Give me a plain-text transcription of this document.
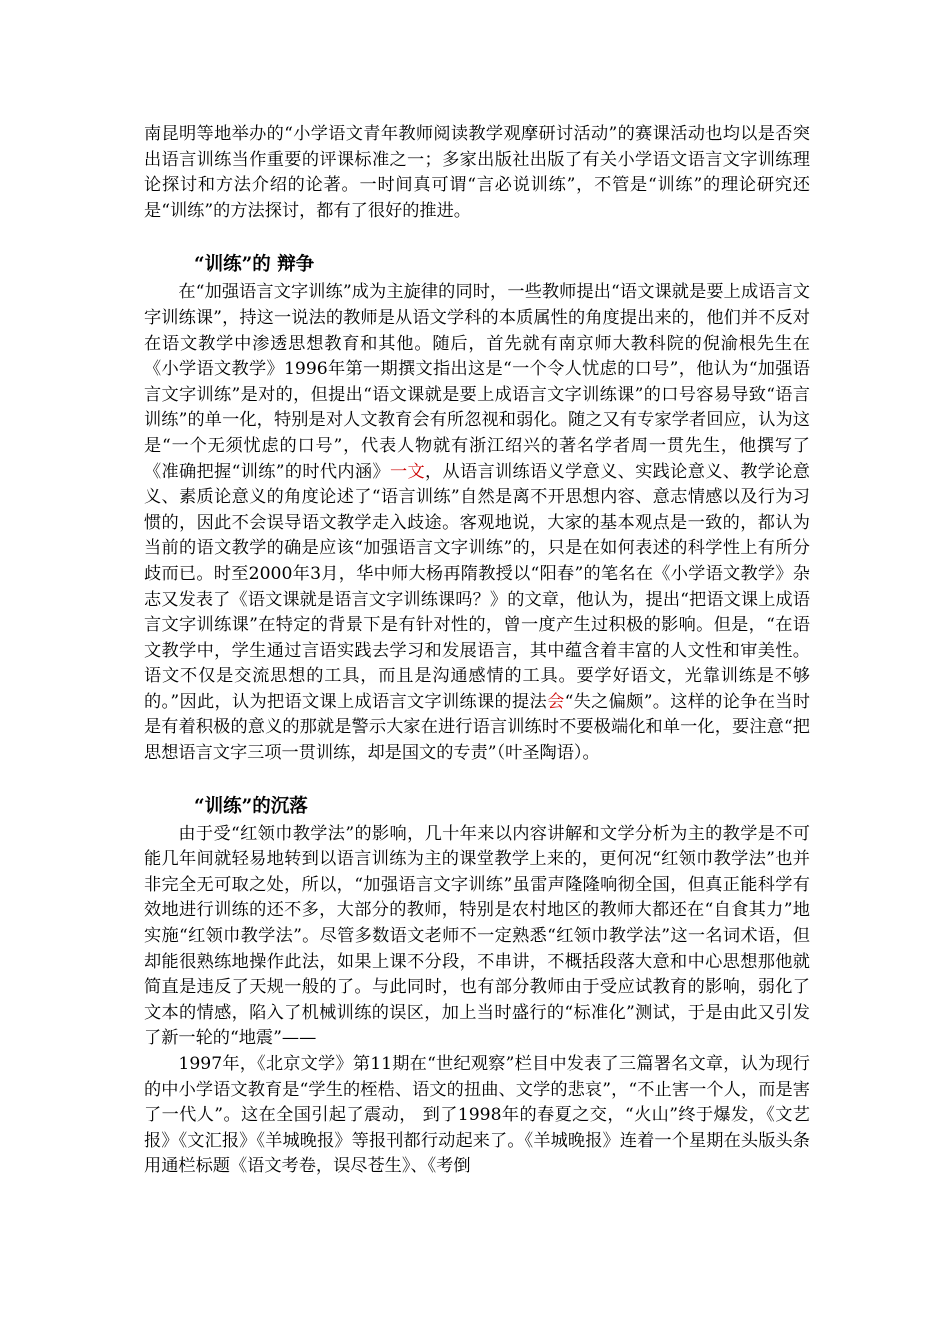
南昆明等地举办的“小学语文青年教师阅读教学观摩研讨活动”的赛课活动也均以是否突出语言训练当作重要的评课标准之一；多家出版社出版了有关小学语文语言文字训练理论探讨和方法介绍的论著。一时间真可谓“言必说训练”，不管是“训练”的理论研究还是“训练”的方法探讨，都有了很好的推进。

“训练”的 辩争

在“加强语言文字训练”成为主旋律的同时，一些教师提出“语文课就是要上成语言文字训练课”，持这一说法的教师是从语文学科的本质属性的角度提出来的，他们并不反对在语文教学中渗透思想教育和其他。随后，首先就有南京师大教科院的倪渝根先生在《小学语文教学》1996年第一期撰文指出这是“一个令人忧虑的口号”，他认为“加强语言文字训练”是对的，但提出“语文课就是要上成语言文字训练课”的口号容易导致“语言训练”的单一化，特别是对人文教育会有所忽视和弱化。随之又有专家学者回应，认为这是“一个无须忧虑的口号”，代表人物就有浙江绍兴的著名学者周一贯先生，他撰写了《准确把握“训练”的时代内涵》一文，从语言训练语义学意义、实践论意义、教学论意义、素质论意义的角度论述了“语言训练”自然是离不开思想内容、意志情感以及行为习惯的，因此不会误导语文教学走入歧途。客观地说，大家的基本观点是一致的，都认为当前的语文教学的确是应该“加强语言文字训练”的，只是在如何表述的科学性上有所分歧而已。时至2000年3月，华中师大杨再隋教授以“阳春”的笔名在《小学语文教学》杂志又发表了《语文课就是语言文字训练课吗？》的文章，他认为，提出“把语文课上成语言文字训练课”在特定的背景下是有针对性的，曾一度产生过积极的影响。但是，“在语文教学中，学生通过言语实践去学习和发展语言，其中蕴含着丰富的人文性和审美性。语文不仅是交流思想的工具，而且是沟通感情的工具。要学好语文，光靠训练是不够的。”因此，认为把语文课上成语言文字训练课的提法会“失之偏颇”。这样的论争在当时是有着积极的意义的那就是警示大家在进行语言训练时不要极端化和单一化，要注意“把思想语言文字三项一贯训练，却是国文的专责”（叶圣陶语）。

“训练”的沉落

由于受“红领巾教学法”的影响，几十年来以内容讲解和文学分析为主的教学是不可能几年间就轻易地转到以语言训练为主的课堂教学上来的，更何况“红领巾教学法”也并非完全无可取之处，所以，“加强语言文字训练”虽雷声隆隆响彻全国，但真正能科学有效地进行训练的还不多，大部分的教师，特别是农村地区的教师大都还在“自食其力”地实施“红领巾教学法”。尽管多数语文老师不一定熟悉“红领巾教学法”这一名词术语，但却能很熟练地操作此法，如果上课不分段，不串讲，不概括段落大意和中心思想那他就简直是违反了天规一般的了。与此同时，也有部分教师由于受应试教育的影响，弱化了文本的情感，陷入了机械训练的误区，加上当时盛行的“标准化”测试，于是由此又引发了新一轮的“地震”——

1997年，《北京文学》第11期在“世纪观察”栏目中发表了三篇署名文章，认为现行的中小学语文教育是“学生的桎梏、语文的扭曲、文学的悲哀”，“不止害一个人，而是害了一代人”。这在全国引起了震动， 到了1998年的春夏之交，“火山”终于爆发，《文艺报》《文汇报》《羊城晚报》等报刊都行动起来了。《羊城晚报》连着一个星期在头版头条用通栏标题《语文考卷，误尽苍生》、《考倒
